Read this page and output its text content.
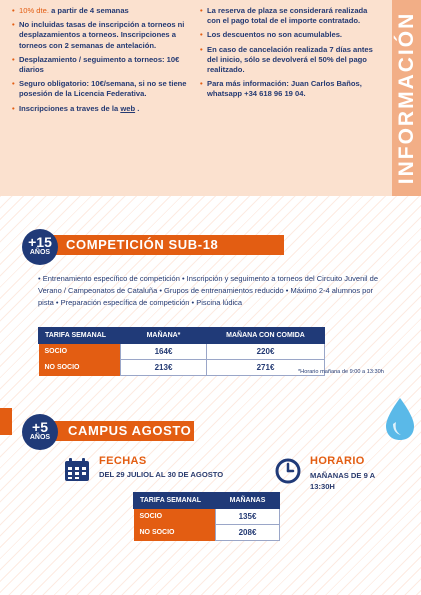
• 10% dte. a partir de 4 semanas
• No incluidas tasas de inscripción a torneos ni desplazamientos a torneos. Inscripciones a torneos con 2 semanas de antelación.
• Desplazamiento / seguimento a torneos: 10€ diarios
• Seguro obligatorio: 10€/semana, si no se tiene posesión de la Licencia Federativa.
• Inscripciones a traves de la web .
• La reserva de plaza se considerará realizada con el pago total de el importe contratado.
• Los descuentos no son acumulables.
• En caso de cancelación realizada 7 días antes del inicio, sólo se devolverá el 50% del pago realitzado.
• Para más información: Juan Carlos Baños, whatsapp +34 618 96 19 04.	INFORMACIÓN
+15
AÑOS
COMPETICIÓN SUB-18
• Entrenamiento específico de competición • Inscripción y seguimento a torneos del Circuito Juvenil de Verano / Campeonatos de Cataluña • Grupos de entrenamientos reducido • Máximo 2-4 alumnos por pista • Preparación específica de competición • Piscina lúdica
TARIFA SEMANAL	MAÑANA*	MAÑANA CON COMIDA
SOCIO	164€	220€
NO SOCIO	213€	271€	*Horario mañana de 9:00 a 13:30h
+5
AÑOS	CAMPUS AGOSTO
FECHAS
DEL 29 JULIOL AL 30 DE AGOSTO
HORARIO
MAÑANAS DE 9 A 13:30H
TARIFA SEMANAL	MAÑANAS
SOCIO	135€
NO SOCIO	208€
